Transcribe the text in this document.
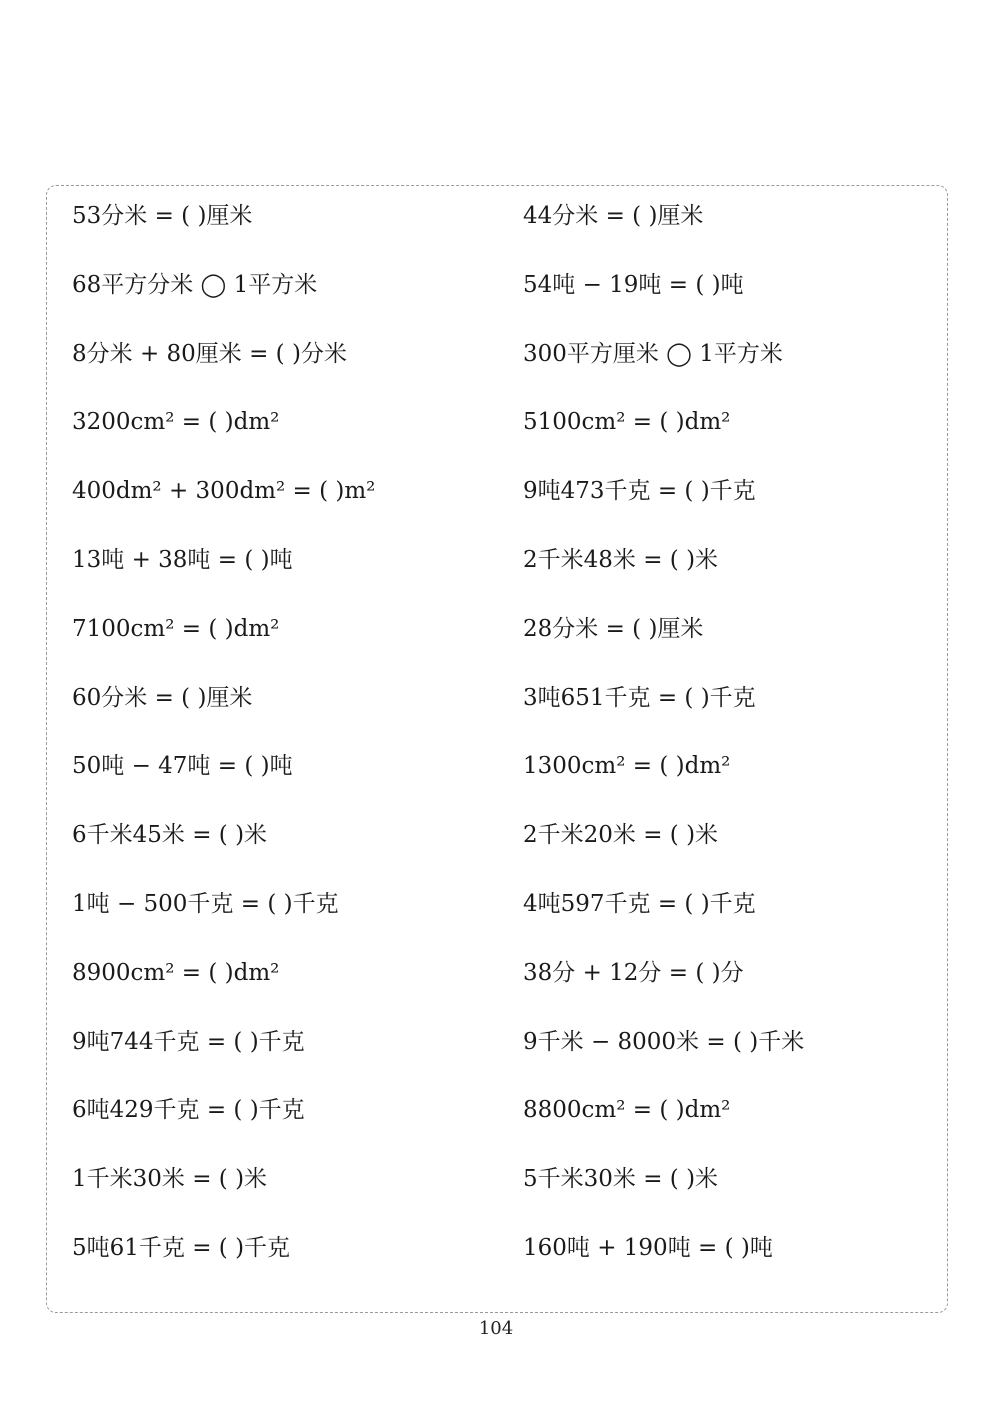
53分米 = ( )厘米
68平方分米 ◯ 1平方米
8分米 + 80厘米 = ( )分米
3200cm² = ( )dm²
400dm² + 300dm² = ( )m²
13吨 + 38吨 = ( )吨
7100cm² = ( )dm²
60分米 = ( )厘米
50吨 − 47吨 = ( )吨
6千米45米 = ( )米
1吨 − 500千克 = ( )千克
8900cm² = ( )dm²
9吨744千克 = ( )千克
6吨429千克 = ( )千克
1千米30米 = ( )米
5吨61千克 = ( )千克
44分米 = ( )厘米
54吨 − 19吨 = ( )吨
300平方厘米 ◯ 1平方米
5100cm² = ( )dm²
9吨473千克 = ( )千克
2千米48米 = ( )米
28分米 = ( )厘米
3吨651千克 = ( )千克
1300cm² = ( )dm²
2千米20米 = ( )米
4吨597千克 = ( )千克
38分 + 12分 = ( )分
9千米 − 8000米 = ( )千米
8800cm² = ( )dm²
5千米30米 = ( )米
160吨 + 190吨 = ( )吨
104
